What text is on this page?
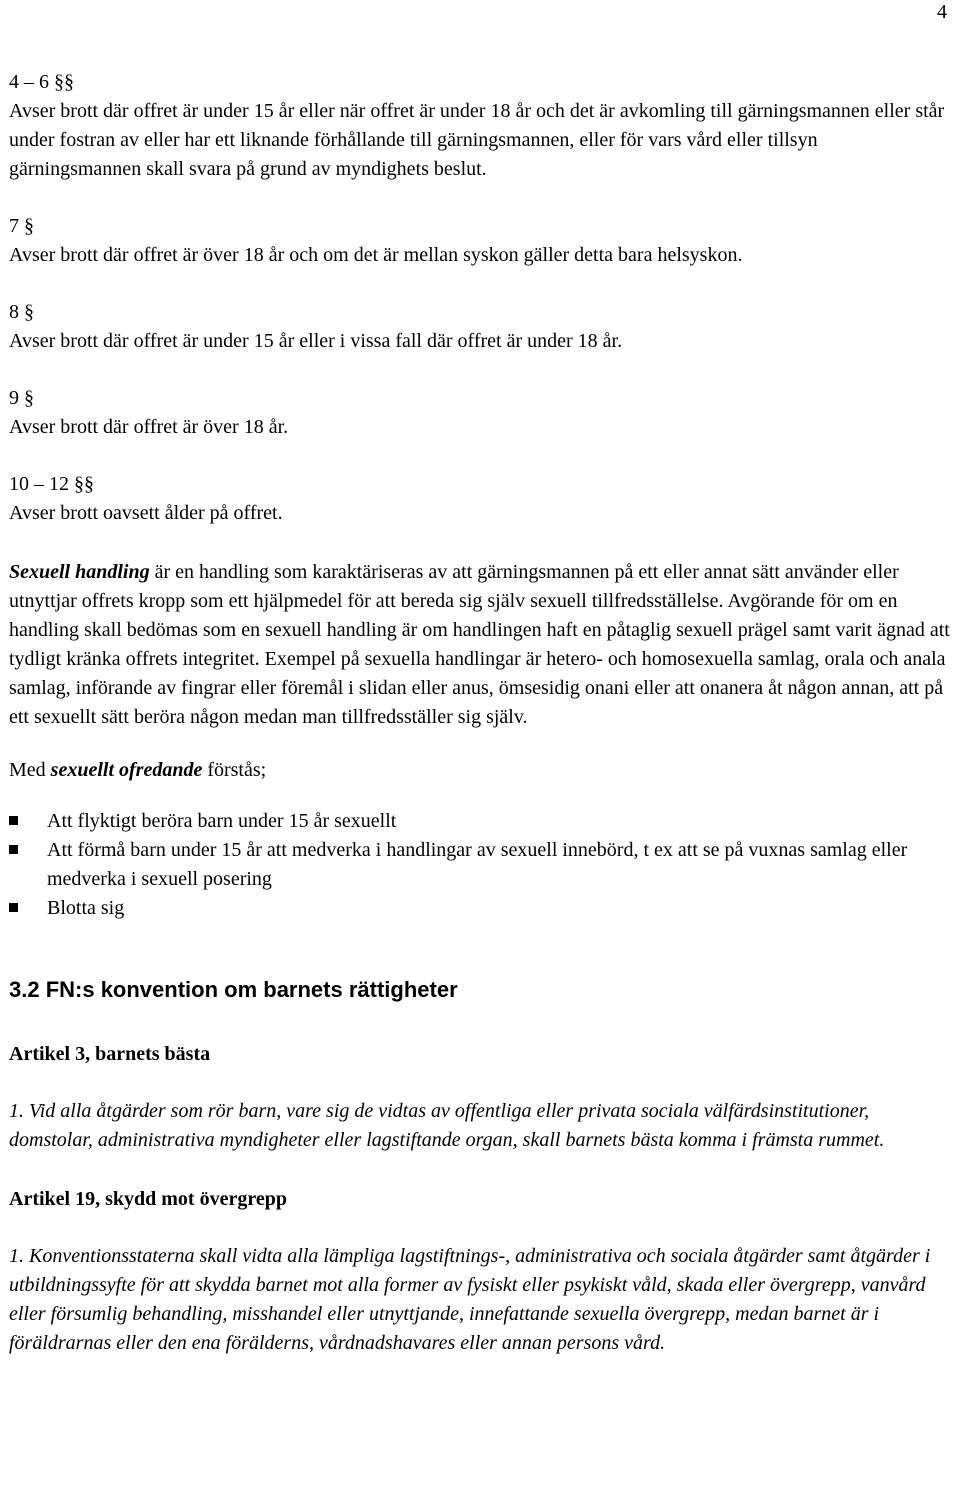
4

4 – 6 §§

Avser brott där offret är under 15 år eller när offret är under 18 år och det är avkomling till gärningsmannen eller står under fostran av eller har ett liknande förhållande till gärningsmannen, eller för vars vård eller tillsyn gärningsmannen skall svara på grund av myndighets beslut.

7 §

Avser brott där offret är över 18 år och om det är mellan syskon gäller detta bara helsyskon.

8 §

Avser brott där offret är under 15 år eller i vissa fall där offret är under 18 år.

9 §

Avser brott där offret är över 18 år.

10 – 12 §§

Avser brott oavsett ålder på offret.

Sexuell handling är en handling som karaktäriseras av att gärningsmannen på ett eller annat sätt använder eller utnyttjar offrets kropp som ett hjälpmedel för att bereda sig själv sexuell tillfredsställelse. Avgörande för om en handling skall bedömas som en sexuell handling är om handlingen haft en påtaglig sexuell prägel samt varit ägnad att tydligt kränka offrets integritet. Exempel på sexuella handlingar är hetero- och homosexuella samlag, orala och anala samlag, införande av fingrar eller föremål i slidan eller anus, ömsesidig onani eller att onanera åt någon annan, att på ett sexuellt sätt beröra någon medan man tillfredsställer sig själv.

Med sexuellt ofredande förstås;

Att flyktigt beröra barn under 15 år sexuellt
Att förmå barn under 15 år att medverka i handlingar av sexuell innebörd, t ex att se på vuxnas samlag eller medverka i sexuell posering
Blotta sig
3.2 FN:s konvention om barnets rättigheter
Artikel 3, barnets bästa

1. Vid alla åtgärder som rör barn, vare sig de vidtas av offentliga eller privata sociala välfärdsinstitutioner, domstolar, administrativa myndigheter eller lagstiftande organ, skall barnets bästa komma i främsta rummet.

Artikel 19, skydd mot övergrepp

1. Konventionsstaterna skall vidta alla lämpliga lagstiftnings-, administrativa och sociala åtgärder samt åtgärder i utbildningssyfte för att skydda barnet mot alla former av fysiskt eller psykiskt våld, skada eller övergrepp, vanvård eller försumlig behandling, misshandel eller utnyttjande, innefattande sexuella övergrepp, medan barnet är i föräldrarnas eller den ena förälderns, vårdnadshavares eller annan persons vård.
